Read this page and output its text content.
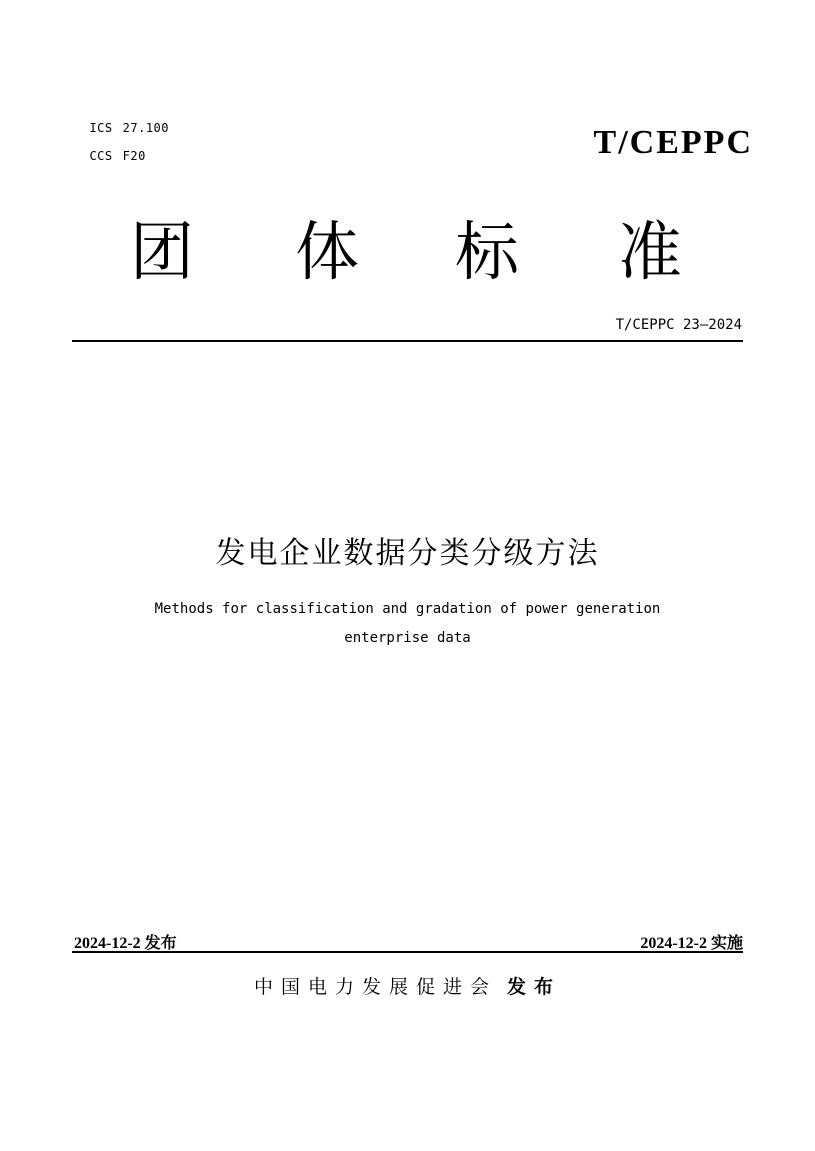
ICS 27.100

CCS F20	T/CEPPC
团 体 标 准
T/CEPPC 23—2024
发电企业数据分类分级方法
Methods for classification and gradation of power generation
enterprise data
2024-12-2 发布	2024-12-2 实施
中国电力发展促进会 发布
